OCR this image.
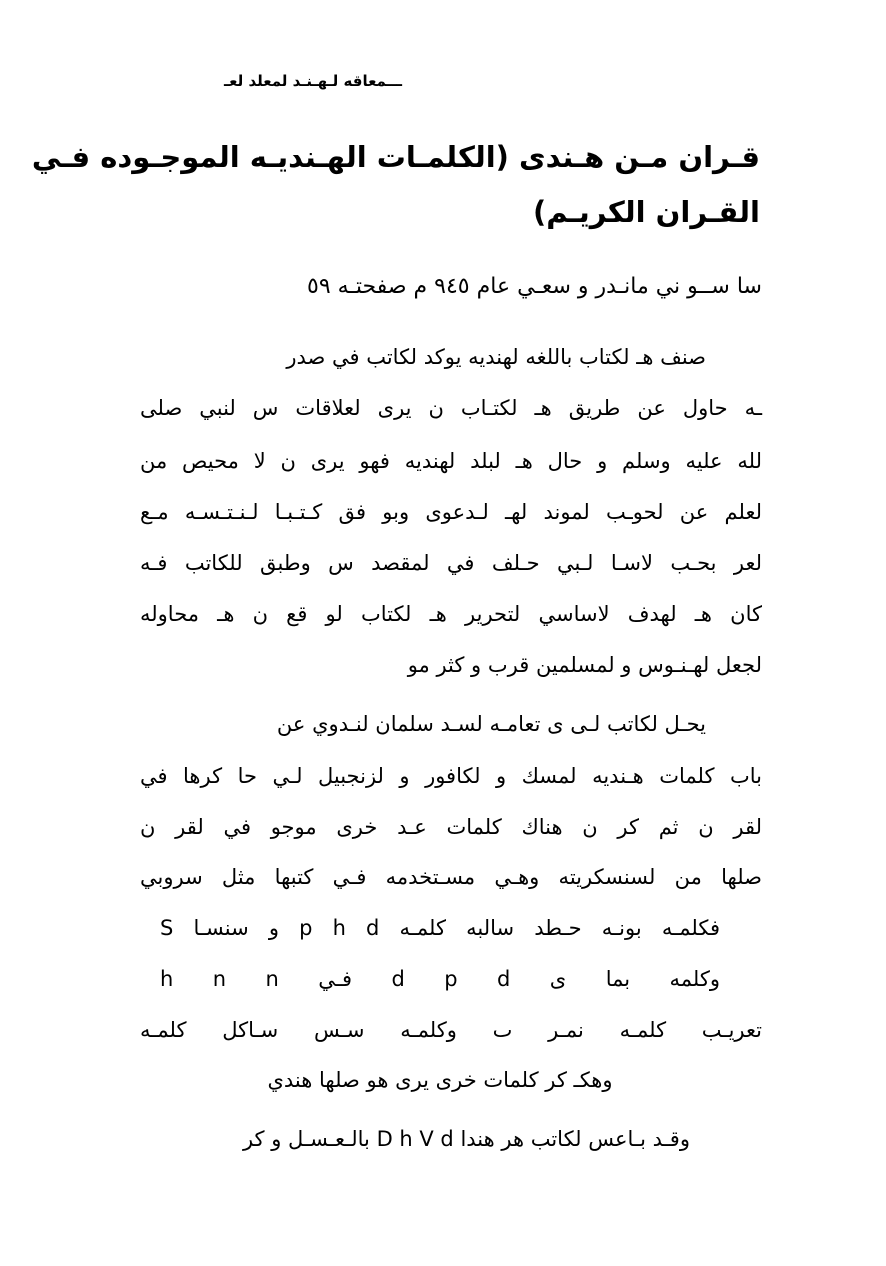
ـــمعاقه لـهـنـد لمعلد لعـ
قـران مـن هـندى (الكلمـات الهـنديـه الموجـوده فـي
القـران الكريـم)
سا ســو ني مانـدر و سعـي عام ٩٤٥ م صفحتـه ٥٩
صنف هـ لكتاب باللغه لهنديه يوكد لكاتب في صدر
ـه حاول عن طريق هـ لكتـاب ن يرى لعلاقات س لنبي صلى
لله عليه وسلم و حال هـ لبلد لهنديه فهو يرى ن لا محيص من
لعلم عن لحوـب لموند لهـ لـدعوى وبو فق كـتـبـا لـنـتـسـه مـع
لعر بحـب لاسـا لـبي حـلف في لمقصد س وطبق للكاتب فـه
كان هـ لهدف لاساسي لتحرير هـ لكتاب لو قع ن هـ محاوله
لجعل لهـنـوس و لمسلمين قرب و كثر مو
يحـل لكاتب لـى ى تعامـه لسـد سلمان لنـدوي عن
باب كلمات هـنديه لمسك و لكافور و لزنجبيل لـي حا كرها في
لقر ن ثم كر ن هناك كلمات عـد خرى موجو في لقر ن
صلها من لسنسكريته وهـي مسـتخدمه فـي كتبها مثل سروبي
S و سنسـا p h d فكلمـه بونـه حـطد سالبه كلمـه
وكلمه بما ى d p d فـي h n n
تعريـب كلمـه نمـر ٮ وكلمـه سـس سـاكل كلمـه
وهكـ كر كلمات خرى يرى هو صلها هندي
وقـد بـاعس لكاتب هر هندا D h V d بالـعـسـل و كر
